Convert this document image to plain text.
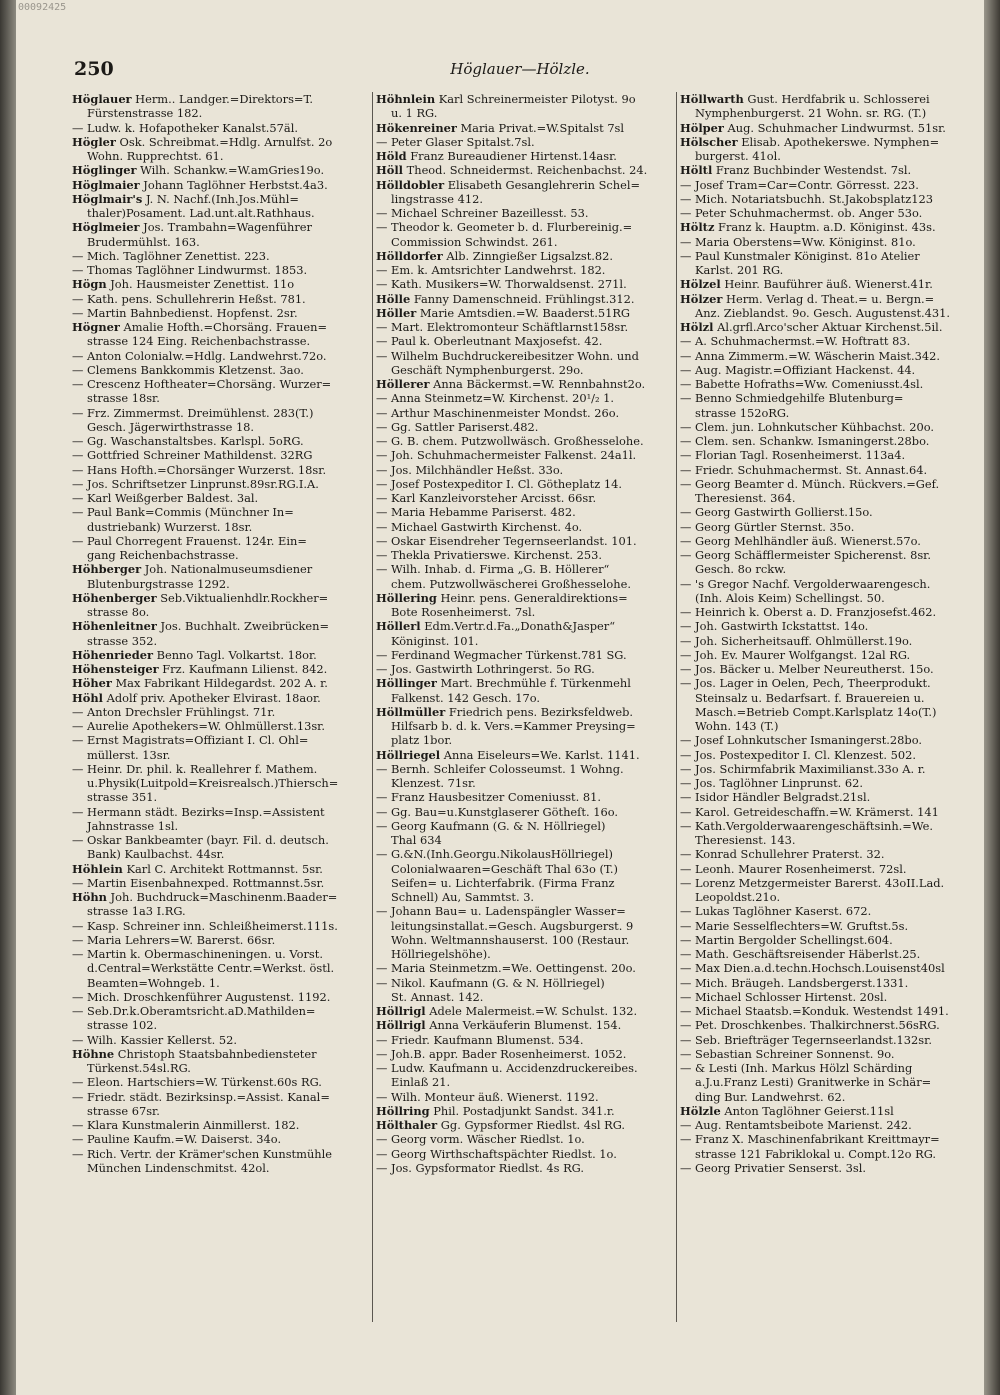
00092425
250	Höglauer—Hölzle.
Höglauer Herm.. Landger.=Direktors=T.
Fürstenstrasse 182.
— Ludw. k. Hofapotheker Kanalst.57äl.
Högler Osk. Schreibmat.=Hdlg. Arnulfst. 2o
Wohn. Rupprechtst. 61.
Höglinger Wilh. Schankw.=W.amGries19o.
Höglmaier Johann Taglöhner Herbstst.4a3.
Höglmair's J. N. Nachf.(Inh.Jos.Mühl=
thaler)Posament. Lad.unt.alt.Rathhaus.
Höglmeier Jos. Trambahn=Wagenführer
Brudermühlst. 163.
— Mich. Taglöhner Zenettist. 223.
— Thomas Taglöhner Lindwurmst. 1853.
Högn Joh. Hausmeister Zenettist. 11o
— Kath. pens. Schullehrerin Heßst. 781.
— Martin Bahnbedienst. Hopfenst. 2sr.
Högner Amalie Hofth.=Chorsäng. Frauen=
strasse 124 Eing. Reichenbachstrasse.
— Anton Colonialw.=Hdlg. Landwehrst.72o.
— Clemens Bankkommis Kletzenst. 3ao.
— Crescenz Hoftheater=Chorsäng. Wurzer=
strasse 18sr.
— Frz. Zimmermst. Dreimühlenst. 283(T.)
Gesch. Jägerwirthstrasse 18.
— Gg. Waschanstaltsbes. Karlspl. 5oRG.
— Gottfried Schreiner Mathildenst. 32RG
— Hans Hofth.=Chorsänger Wurzerst. 18sr.
— Jos. Schriftsetzer Linprunst.89sr.RG.I.A.
— Karl Weißgerber Baldest. 3al.
— Paul Bank=Commis (Münchner In=
dustriebank) Wurzerst. 18sr.
— Paul Chorregent Frauenst. 124r. Ein=
gang Reichenbachstrasse.
Höhberger Joh. Nationalmuseumsdiener
Blutenburgstrasse 1292.
Höhenberger Seb.Viktualienhdlr.Rockher=
strasse 8o.
Höhenleitner Jos. Buchhalt. Zweibrücken=
strasse 352.
Höhenrieder Benno Tagl. Volkartst. 18or.
Höhensteiger Frz. Kaufmann Lilienst. 842.
Höher Max Fabrikant Hildegardst. 202 A. r.
Höhl Adolf priv. Apotheker Elvirast. 18aor.
— Anton Drechsler Frühlingst. 71r.
— Aurelie Apothekers=W. Ohlmüllerst.13sr.
— Ernst Magistrats=Offiziant I. Cl. Ohl=
müllerst. 13sr.
— Heinr. Dr. phil. k. Reallehrer f. Mathem.
u.Physik(Luitpold=Kreisrealsch.)Thiersch=
strasse 351.
— Hermann städt. Bezirks=Insp.=Assistent
Jahnstrasse 1sl.
— Oskar Bankbeamter (bayr. Fil. d. deutsch.
Bank) Kaulbachst. 44sr.
Höhlein Karl C. Architekt Rottmannst. 5sr.
— Martin Eisenbahnexped. Rottmannst.5sr.
Höhn Joh. Buchdruck=Maschinenm.Baader=
strasse 1a3 I.RG.
— Kasp. Schreiner inn. Schleißheimerst.111s.
— Maria Lehrers=W. Barerst. 66sr.
— Martin k. Obermaschineningen. u. Vorst.
d.Central=Werkstätte Centr.=Werkst. östl.
Beamten=Wohngeb. 1.
— Mich. Droschkenführer Augustenst. 1192.
— Seb.Dr.k.Oberamtsricht.aD.Mathilden=
strasse 102.
— Wilh. Kassier Kellerst. 52.
Höhne Christoph Staatsbahnbediensteter
Türkenst.54sl.RG.
— Eleon. Hartschiers=W. Türkenst.60s RG.
— Friedr. städt. Bezirksinsp.=Assist. Kanal=
strasse 67sr.
— Klara Kunstmalerin Ainmillerst. 182.
— Pauline Kaufm.=W. Daiserst. 34o.
— Rich. Vertr. der Krämer'schen Kunstmühle
München Lindenschmitst. 42ol.
Höhnlein Karl Schreinermeister Pilotyst. 9o
u. 1 RG.
Hökenreiner Maria Privat.=W.Spitalst 7sl
— Peter Glaser Spitalst.7sl.
Höld Franz Bureaudiener Hirtenst.14asr.
Höll Theod. Schneidermst. Reichenbachst. 24.
Hölldobler Elisabeth Gesanglehrerin Schel=
lingstrasse 412.
— Michael Schreiner Bazeillesst. 53.
— Theodor k. Geometer b. d. Flurbereinig.=
Commission Schwindst. 261.
Hölldorfer Alb. Zinngießer Ligsalzst.82.
— Em. k. Amtsrichter Landwehrst. 182.
— Kath. Musikers=W. Thorwaldsenst. 271l.
Hölle Fanny Damenschneid. Frühlingst.312.
Höller Marie Amtsdien.=W. Baaderst.51RG
— Mart. Elektromonteur Schäftlarnst158sr.
— Paul k. Oberleutnant Maxjosefst. 42.
— Wilhelm Buchdruckereibesitzer Wohn. und
Geschäft Nymphenburgerst. 29o.
Höllerer Anna Bäckermst.=W. Rennbahnst2o.
— Anna Steinmetz=W. Kirchenst. 20¹/₂ 1.
— Arthur Maschinenmeister Mondst. 26o.
— Gg. Sattler Pariserst.482.
— G. B. chem. Putzwollwäsch. Großhesselohe.
— Joh. Schuhmachermeister Falkenst. 24a1l.
— Jos. Milchhändler Heßst. 33o.
— Josef Postexpeditor I. Cl. Götheplatz 14.
— Karl Kanzleivorsteher Arcisst. 66sr.
— Maria Hebamme Pariserst. 482.
— Michael Gastwirth Kirchenst. 4o.
— Oskar Eisendreher Tegernseerlandst. 101.
— Thekla Privatierswe. Kirchenst. 253.
— Wilh. Inhab. d. Firma „G. B. Höllerer“
chem. Putzwollwäscherei Großhesselohe.
Höllering Heinr. pens. Generaldirektions=
Bote Rosenheimerst. 7sl.
Höllerl Edm.Vertr.d.Fa.„Donath&Jasper“
Königinst. 101.
— Ferdinand Wegmacher Türkenst.781 SG.
— Jos. Gastwirth Lothringerst. 5o RG.
Höllinger Mart. Brechmühle f. Türkenmehl
Falkenst. 142 Gesch. 17o.
Höllmüller Friedrich pens. Bezirksfeldweb.
Hilfsarb b. d. k. Vers.=Kammer Preysing=
platz 1bor.
Höllriegel Anna Eiseleurs=We. Karlst. 1141.
— Bernh. Schleifer Colosseumst. 1 Wohng.
Klenzest. 71sr.
— Franz Hausbesitzer Comeniusst. 81.
— Gg. Bau=u.Kunstglaserer Götheſt. 16o.
— Georg Kaufmann (G. & N. Höllriegel)
Thal 634
— G.&N.(Inh.Georgu.NikolausHöllriegel)
Colonialwaaren=Geschäft Thal 63o (T.)
Seifen= u. Lichterfabrik. (Firma Franz
Schnell) Au, Sammtst. 3.
— Johann Bau= u. Ladenspängler Wasser=
leitungsinstallat.=Gesch. Augsburgerst. 9
Wohn. Weltmannshauserst. 100 (Restaur.
Höllriegelshöhe).
— Maria Steinmetzm.=We. Oettingenst. 20o.
— Nikol. Kaufmann (G. & N. Höllriegel)
St. Annast. 142.
Höllrigl Adele Malermeist.=W. Schulst. 132.
Höllrigl Anna Verkäuferin Blumenst. 154.
— Friedr. Kaufmann Blumenst. 534.
— Joh.B. appr. Bader Rosenheimerst. 1052.
— Ludw. Kaufmann u. Accidenzdruckereibes.
Einlaß 21.
— Wilh. Monteur äuß. Wienerst. 1192.
Höllring Phil. Postadjunkt Sandst. 341.r.
Hölthaler Gg. Gypsformer Riedlst. 4sl RG.
— Georg vorm. Wäscher Riedlst. 1o.
— Georg Wirthschaftspächter Riedlst. 1o.
— Jos. Gypsformator Riedlst. 4s RG.
Höllwarth Gust. Herdfabrik u. Schlosserei
Nymphenburgerst. 21 Wohn. sr. RG. (T.)
Hölper Aug. Schuhmacher Lindwurmst. 51sr.
Hölscher Elisab. Apothekerswe. Nymphen=
burgerst. 41ol.
Höltl Franz Buchbinder Westendst. 7sl.
— Josef Tram=Car=Contr. Görresst. 223.
— Mich. Notariatsbuchh. St.Jakobsplatz123
— Peter Schuhmachermst. ob. Anger 53o.
Höltz Franz k. Hauptm. a.D. Königinst. 43s.
— Maria Oberstens=Ww. Königinst. 81o.
— Paul Kunstmaler Königinst. 81o Atelier
Karlst. 201 RG.
Hölzel Heinr. Bauführer äuß. Wienerst.41r.
Hölzer Herm. Verlag d. Theat.= u. Bergn.=
Anz. Zieblandst. 9o. Gesch. Augustenst.431.
Hölzl Al.grfl.Arco'scher Aktuar Kirchenst.5il.
— A. Schuhmachermst.=W. Hoftratt 83.
— Anna Zimmerm.=W. Wäscherin Maist.342.
— Aug. Magistr.=Offiziant Hackenst. 44.
— Babette Hofraths=Ww. Comeniusst.4sl.
— Benno Schmiedgehilfe Blutenburg=
strasse 152oRG.
— Clem. jun. Lohnkutscher Kühbachst. 20o.
— Clem. sen. Schankw. Ismaningerst.28bo.
— Florian Tagl. Rosenheimerst. 113a4.
— Friedr. Schuhmachermst. St. Annast.64.
— Georg Beamter d. Münch. Rückvers.=Gef.
Theresienst. 364.
— Georg Gastwirth Gollierst.15o.
— Georg Gürtler Sternst. 35o.
— Georg Mehlhändler äuß. Wienerst.57o.
— Georg Schäfflermeister Spicherenst. 8sr.
Gesch. 8o rckw.
— 's Gregor Nachf. Vergolderwaarengesch.
(Inh. Alois Keim) Schellingst. 50.
— Heinrich k. Oberst a. D. Franzjosefst.462.
— Joh. Gastwirth Ickstattst. 14o.
— Joh. Sicherheitsauff. Ohlmüllerst.19o.
— Joh. Ev. Maurer Wolfgangst. 12al RG.
— Jos. Bäcker u. Melber Neureutherst. 15o.
— Jos. Lager in Oelen, Pech, Theerprodukt.
Steinsalz u. Bedarfsart. f. Brauereien u.
Masch.=Betrieb Compt.Karlsplatz 14o(T.)
Wohn. 143 (T.)
— Josef Lohnkutscher Ismaningerst.28bo.
— Jos. Postexpeditor I. Cl. Klenzest. 502.
— Jos. Schirmfabrik Maximilianst.33o A. r.
— Jos. Taglöhner Linprunst. 62.
— Isidor Händler Belgradst.21sl.
— Karol. Getreideschaffn.=W. Krämerst. 141
— Kath.Vergolderwaarengeschäftsinh.=We.
Theresienst. 143.
— Konrad Schullehrer Praterst. 32.
— Leonh. Maurer Rosenheimerst. 72sl.
— Lorenz Metzgermeister Barerst. 43oII.Lad.
Leopoldst.21o.
— Lukas Taglöhner Kaserst. 672.
— Marie Sesselflechters=W. Gruftst.5s.
— Martin Bergolder Schellingst.604.
— Math. Geschäftsreisender Häberlst.25.
— Max Dien.a.d.techn.Hochsch.Louisenst40sl
— Mich. Bräugeh. Landsbergerst.1331.
— Michael Schlosser Hirtenst. 20sl.
— Michael Staatsb.=Konduk. Westendst 1491.
— Pet. Droschkenbes. Thalkirchnerst.56sRG.
— Seb. Briefträger Tegernseerlandst.132sr.
— Sebastian Schreiner Sonnenst. 9o.
— & Lesti (Inh. Markus Hölzl Schärding
a.J.u.Franz Lesti) Granitwerke in Schär=
ding Bur. Landwehrst. 62.
Hölzle Anton Taglöhner Geierst.11sl
— Aug. Rentamtsbeibote Marienst. 242.
— Franz X. Maschinenfabrikant Kreittmayr=
strasse 121 Fabriklokal u. Compt.12o RG.
— Georg Privatier Senserst. 3sl.
